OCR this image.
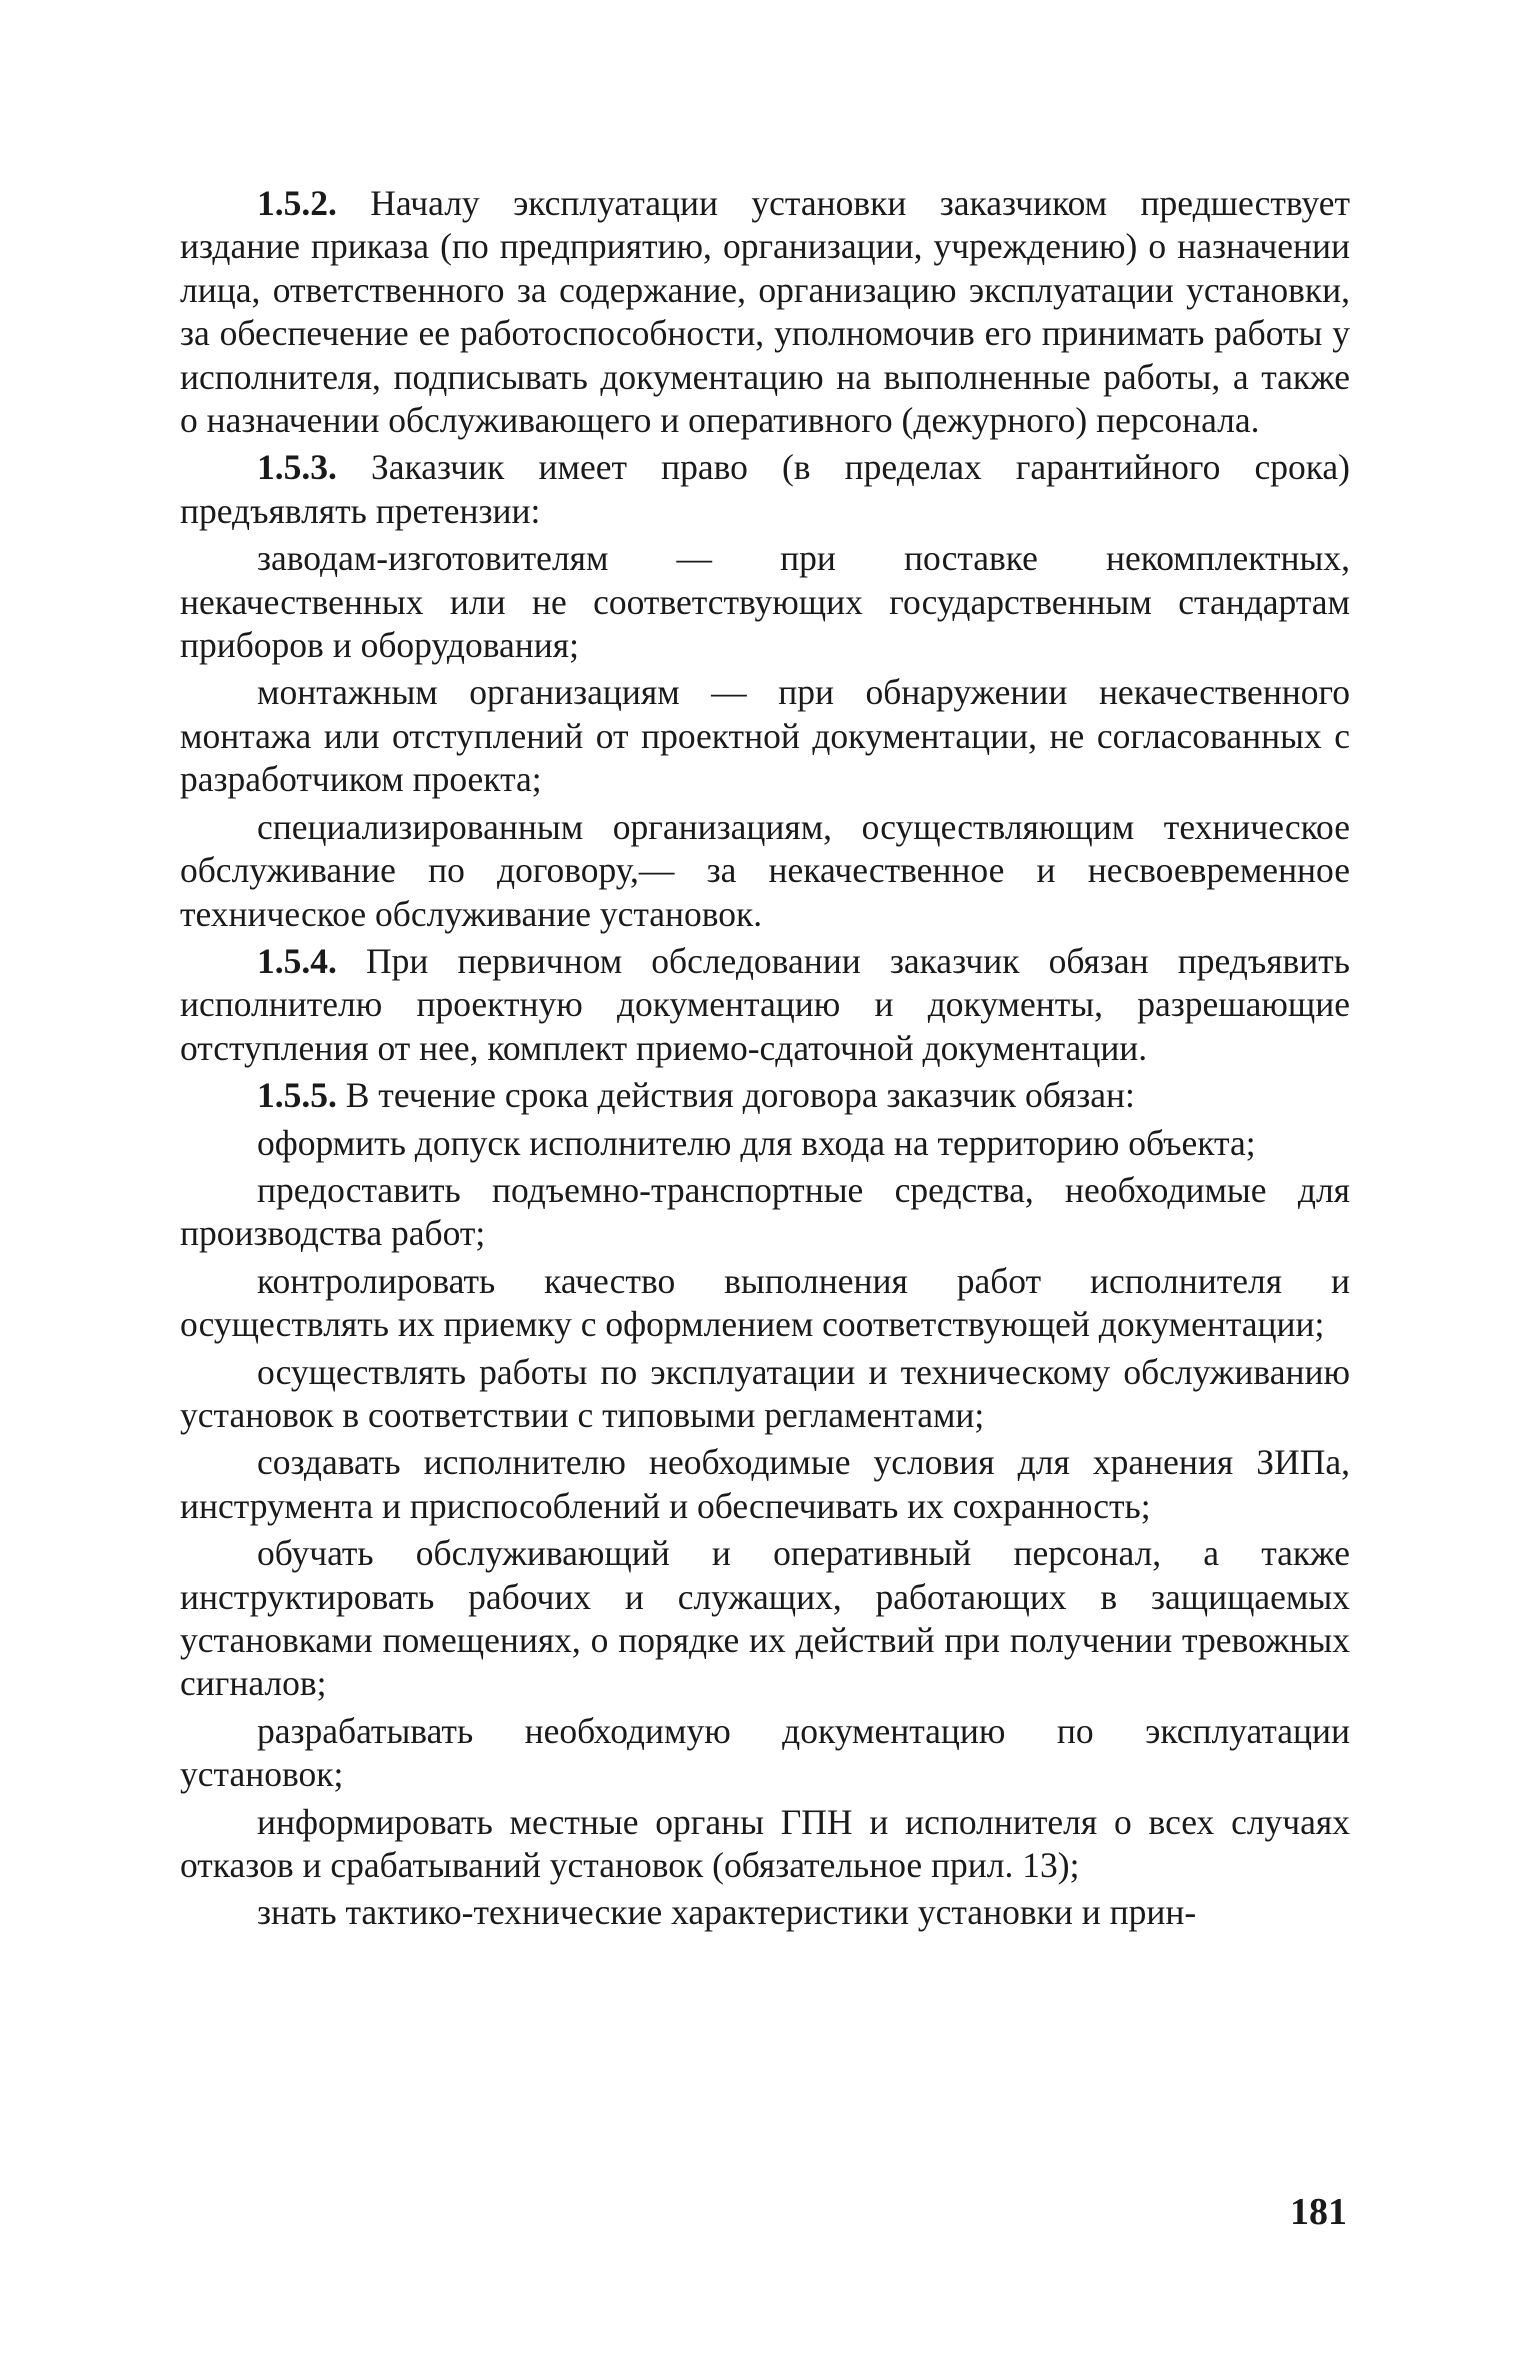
1.5.2. Началу эксплуатации установки заказчиком предшествует издание приказа (по предприятию, организации, учреждению) о назначении лица, ответственного за содержание, организацию эксплуатации установки, за обеспечение ее работоспособности, уполномочив его принимать работы у исполнителя, подписывать документацию на выполненные работы, а также о назначении обслуживающего и оперативного (дежурного) персонала.

1.5.3. Заказчик имеет право (в пределах гарантийного срока) предъявлять претензии:

заводам-изготовителям — при поставке некомплектных, некачественных или не соответствующих государственным стандартам приборов и оборудования;

монтажным организациям — при обнаружении некачественного монтажа или отступлений от проектной документации, не согласованных с разработчиком проекта;

специализированным организациям, осуществляющим техническое обслуживание по договору,— за некачественное и несвоевременное техническое обслуживание установок.

1.5.4. При первичном обследовании заказчик обязан предъявить исполнителю проектную документацию и документы, разрешающие отступления от нее, комплект приемо-сдаточной документации.

1.5.5. В течение срока действия договора заказчик обязан:

оформить допуск исполнителю для входа на территорию объекта;

предоставить подъемно-транспортные средства, необходимые для производства работ;

контролировать качество выполнения работ исполнителя и осуществлять их приемку с оформлением соответствующей документации;

осуществлять работы по эксплуатации и техническому обслуживанию установок в соответствии с типовыми регламентами;

создавать исполнителю необходимые условия для хранения ЗИПа, инструмента и приспособлений и обеспечивать их сохранность;

обучать обслуживающий и оперативный персонал, а также инструктировать рабочих и служащих, работающих в защищаемых установками помещениях, о порядке их действий при получении тревожных сигналов;

разрабатывать необходимую документацию по эксплуатации установок;

информировать местные органы ГПН и исполнителя о всех случаях отказов и срабатываний установок (обязательное прил. 13);

знать тактико-технические характеристики установки и прин-

181
